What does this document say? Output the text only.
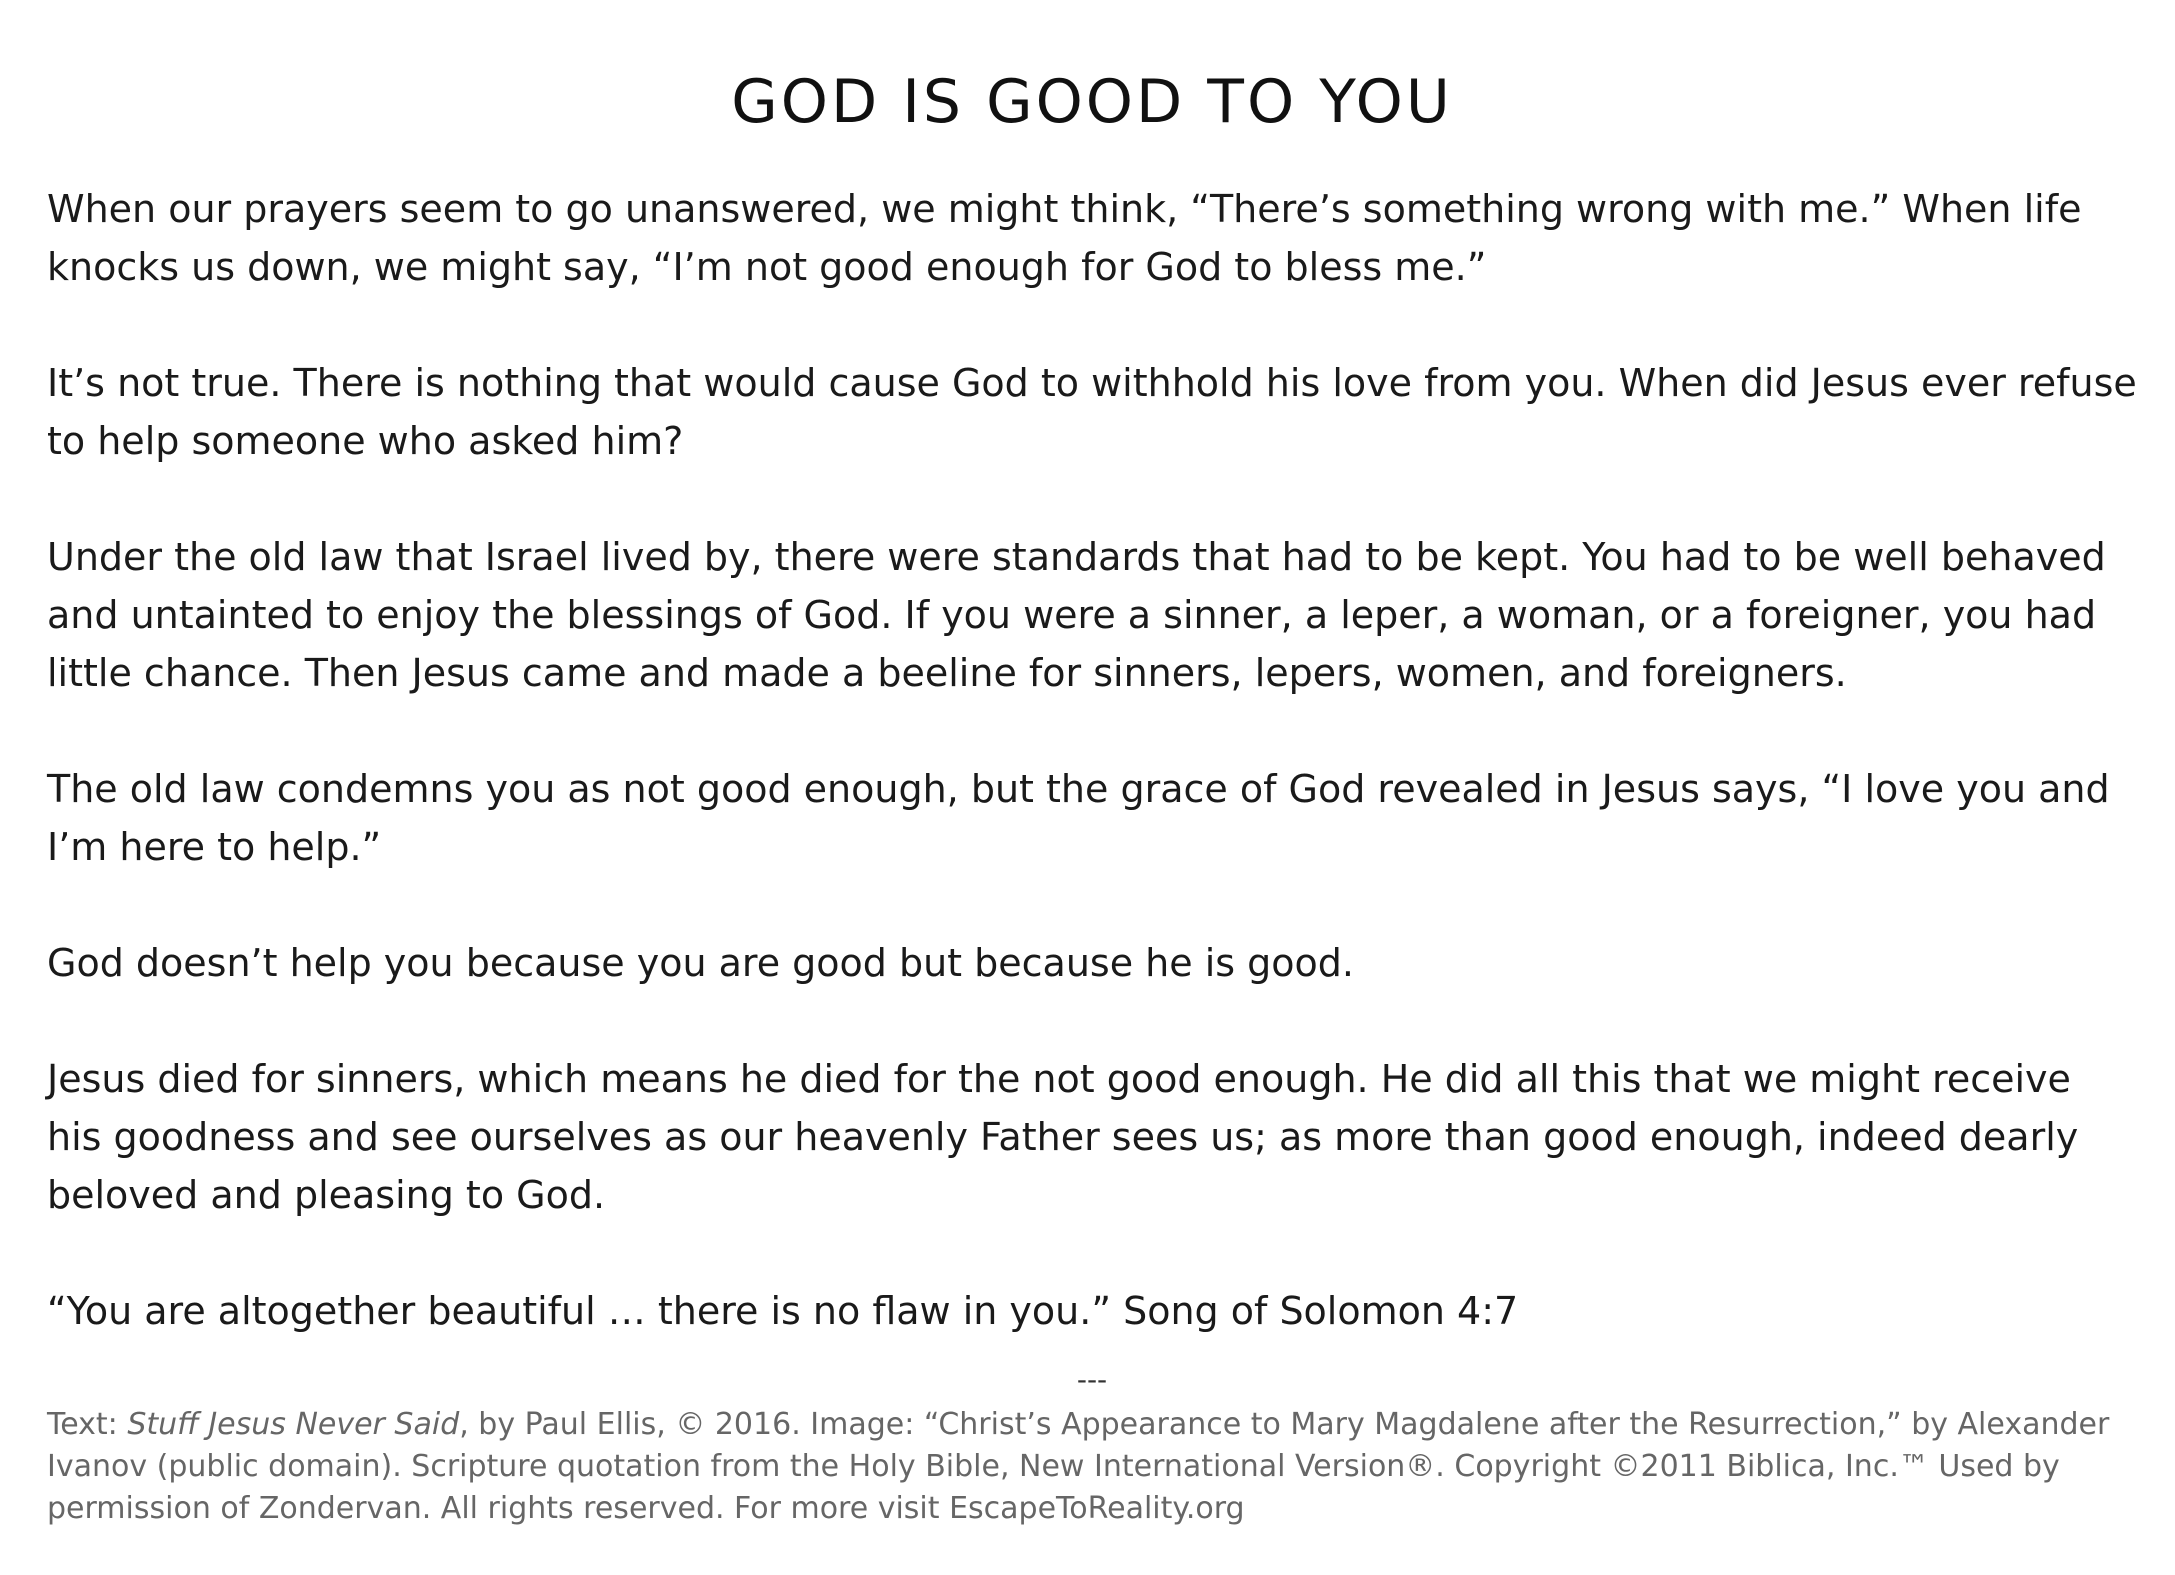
GOD IS GOOD TO YOU

When our prayers seem to go unanswered, we might think, “There’s something wrong with me.” When life knocks us down, we might say, “I’m not good enough for God to bless me.”

It’s not true. There is nothing that would cause God to withhold his love from you. When did Jesus ever refuse to help someone who asked him?

Under the old law that Israel lived by, there were standards that had to be kept. You had to be well behaved and untainted to enjoy the blessings of God. If you were a sinner, a leper, a woman, or a foreigner, you had little chance. Then Jesus came and made a beeline for sinners, lepers, women, and foreigners.

The old law condemns you as not good enough, but the grace of God revealed in Jesus says, “I love you and I’m here to help.”

God doesn’t help you because you are good but because he is good.

Jesus died for sinners, which means he died for the not good enough. He did all this that we might receive his goodness and see ourselves as our heavenly Father sees us; as more than good enough, indeed dearly beloved and pleasing to God.

“You are altogether beautiful … there is no flaw in you.” Song of Solomon 4:7

---

Text: Stuff Jesus Never Said, by Paul Ellis, © 2016. Image: “Christ’s Appearance to Mary Magdalene after the Resurrection,” by Alexander Ivanov (public domain). Scripture quotation from the Holy Bible, New International Version®. Copyright ©2011 Biblica, Inc.™ Used by permission of Zondervan. All rights reserved. For more visit EscapeToReality.org
